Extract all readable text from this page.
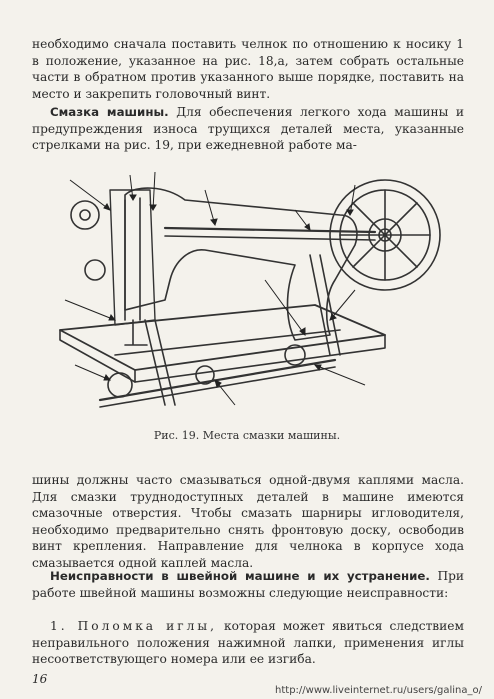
необходимо сначала поставить челнок по отношению к носику 1 в положение, указанное на рис. 18,а, затем собрать остальные части в обратном против указанного выше порядке, поставить на место и закрепить головочный винт.

Смазка машины. Для обеспечения легкого хода машины и предупреждения износа трущихся деталей места, указанные стрелками на рис. 19, при ежедневной работе ма-

Рис. 19. Места смазки машины.

шины должны часто смазываться одной-двумя каплями масла. Для смазки труднодоступных деталей в машине имеются смазочные отверстия. Чтобы смазать шарниры игловодителя, необходимо предварительно снять фронтовую доску, освободив винт крепления. Направление для челнока в корпусе хода смазывается одной каплей масла.

Неисправности в швейной машине и их устранение. При работе швейной машины возможны следующие неисправности:

1. Поломка иглы, которая может явиться следствием неправильного положения нажимной лапки, применения иглы несоответствующего номера или ее изгиба.

16
http://www.liveinternet.ru/users/galina_o/
